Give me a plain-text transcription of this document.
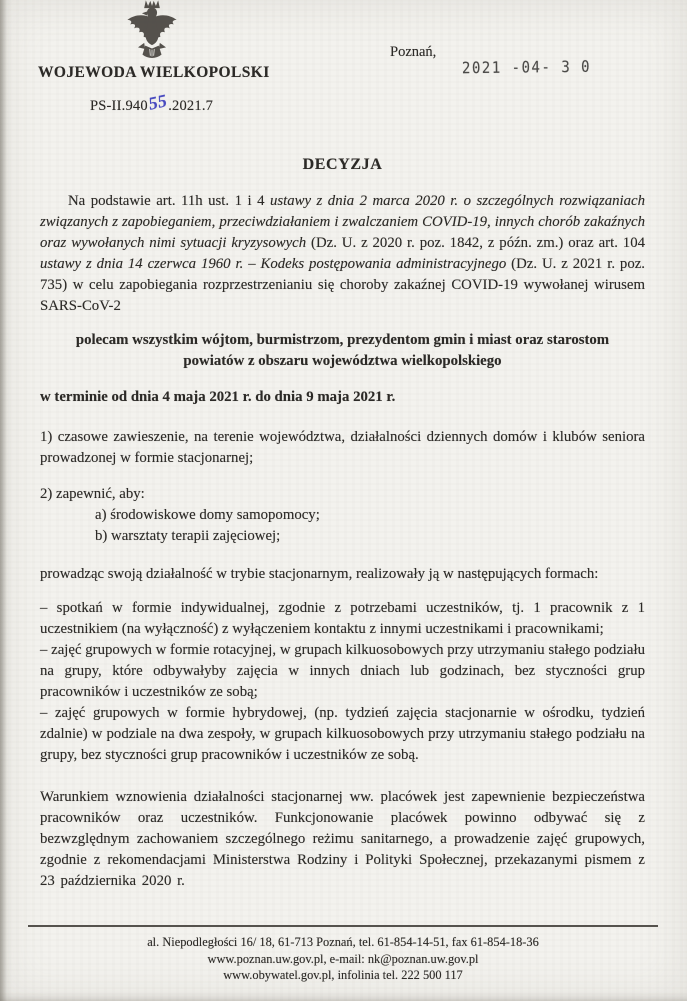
WOJEWODA WIELKOPOLSKI
PS-II.94055.2021.7
Poznań,
2021 -04- 3 0
DECYZJA

Na podstawie art. 11h ust. 1 i 4 ustawy z dnia 2 marca 2020 r. o szczególnych rozwiązaniach związanych z zapobieganiem, przeciwdziałaniem i zwalczaniem COVID-19, innych chorób zakaźnych oraz wywołanych nimi sytuacji kryzysowych (Dz. U. z 2020 r. poz. 1842, z późn. zm.) oraz art. 104 ustawy z dnia 14 czerwca 1960 r. – Kodeks postępowania administracyjnego (Dz. U. z 2021 r. poz. 735) w celu zapobiegania rozprzestrzenianiu się choroby zakaźnej COVID-19 wywołanej wirusem SARS-CoV-2

polecam wszystkim wójtom, burmistrzom, prezydentom gmin i miast oraz starostom powiatów z obszaru województwa wielkopolskiego

w terminie od dnia 4 maja 2021 r. do dnia 9 maja 2021 r.

1) czasowe zawieszenie, na terenie województwa, działalności dziennych domów i klubów seniora prowadzonej w formie stacjonarnej;

2) zapewnić, aby:

a) środowiskowe domy samopomocy;
b) warsztaty terapii zajęciowej;

prowadząc swoją działalność w trybie stacjonarnym, realizowały ją w następujących formach:

– spotkań w formie indywidualnej, zgodnie z potrzebami uczestników, tj. 1 pracownik z 1 uczestnikiem (na wyłączność) z wyłączeniem kontaktu z innymi uczestnikami i pracownikami;

– zajęć grupowych w formie rotacyjnej, w grupach kilkuosobowych przy utrzymaniu stałego podziału na grupy, które odbywałyby zajęcia w innych dniach lub godzinach, bez styczności grup pracowników i uczestników ze sobą;

– zajęć grupowych w formie hybrydowej, (np. tydzień zajęcia stacjonarnie w ośrodku, tydzień zdalnie) w podziale na dwa zespoły, w grupach kilkuosobowych przy utrzymaniu stałego podziału na grupy, bez styczności grup pracowników i uczestników ze sobą.

Warunkiem wznowienia działalności stacjonarnej ww. placówek jest zapewnienie bezpieczeństwa pracowników oraz uczestników. Funkcjonowanie placówek powinno odbywać się z bezwzględnym zachowaniem szczególnego reżimu sanitarnego, a prowadzenie zajęć grupowych, zgodnie z rekomendacjami Ministerstwa Rodziny i Polityki Społecznej, przekazanymi pismem z 23 października 2020 r.

al. Niepodległości 16/ 18, 61-713 Poznań, tel. 61-854-14-51, fax 61-854-18-36
www.poznan.uw.gov.pl, e-mail: nk@poznan.uw.gov.pl
www.obywatel.gov.pl, infolinia tel. 222 500 117
